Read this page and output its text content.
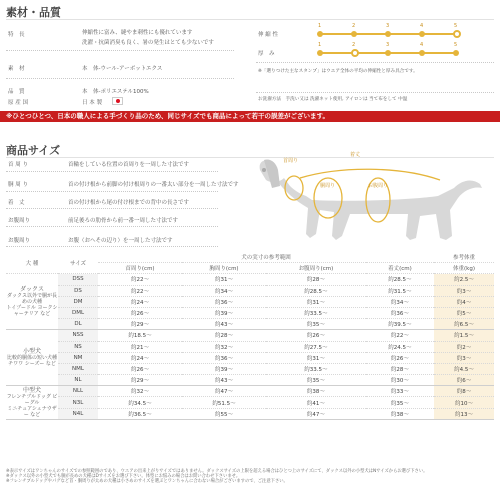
素材・品質
特　長	伸縮性に富み、縫やま刺性にも優れています
洗濯・抗菌消臭も良く、暑の発生はとても少ないです
素　材	本　体-ウール-アーボットエクス
品　質	本　体-ポリエステル100%
原 産 国	日 本 製
1	2	3	4	5
伸 縮 性
1	2	3	4	5
厚　み
※「選りつけた主なスタンプ」はウエア全体の平均の伸縮性と厚み具合です。
お洗濯方法　手洗い又は 洗濯ネット使用, アイロンは 当て布をして 中温
※ひとつひとつ、日本の職人による手づくり品のため、同じサイズでも商品によって若干の誤差がございます。
商品サイズ
首 周 り	首輪をしている位置の首周りを一周した寸法です
胴 周 り	首の付け根から前脚の付け根周りの一番太い部分を一周した寸法です
着　丈	首の付け根から尾の付け根までの背中の長さです
お腹周り	前足後ろの肋骨から前一番一周した寸法です
お腹周り	お腹（おへその辺り）を一周した寸法です
首周り
着丈
胴周り	お腹周り
大 種	サイズ	犬の実寸の参考範囲				参考体重
		首周り(cm)	胸周り(cm)	お腹周り(cm)	着丈(cm)	体重(kg)

ダックス
ダックス以外で胴が長めの犬種
トイプードル ヨークシャーテリア など	DSS	約22〜	約31〜	約28〜	約28.5〜	約2.5〜
	DS	約22〜	約34〜	約28.5〜	約31.5〜	約3〜
	DM	約24〜	約36〜	約31〜	約34〜	約4〜
	DML	約26〜	約39〜	約33.5〜	約36〜	約5〜
	DL	約29〜	約43〜	約35〜	約39.5〜	約6.5〜

小型犬
比較的胴体の短い犬種
チワワ シーズー など	NSS	約18.5〜	約28〜	約26〜	約22〜	約1.5〜
	NS	約21〜	約32〜	約27.5〜	約24.5〜	約2〜
	NM	約24〜	約36〜	約31〜	約26〜	約3〜
	NML	約26〜	約39〜	約33.5〜	約28〜	約4.5〜
	NL	約29〜	約43〜	約35〜	約30〜	約6〜

中型犬
フレンチブルドッグ ビーグル
ミニチュアシュナウザー など	NLL	約32〜	約47〜	約38〜	約33〜	約8〜
	N3L	約34.5〜	約51.5〜	約41〜	約35〜	約10〜
	N4L	約36.5〜	約55〜	約47〜	約38〜	約13〜
※表示サイズはワンちゃんのサイズでの参照範囲のであり、ウエアの出来上がりサイズではありません。ダックスサイズの上限を超える場合はひとつ上のサイズにて、ダックス以外の小型犬はNサイズからお選び下さい。
※ダックス以外の小型犬でも胴が長めの犬種はDサイズをお選び下さい。体型にお悩みの場合はお問い合わせ下さいませ。
※フレンチブルドッグやパグなど首・胴周りが太めの犬種は小さめのサイズを選ぶとワンちゃんに合わない場合がございますので、ご注意下さい。
